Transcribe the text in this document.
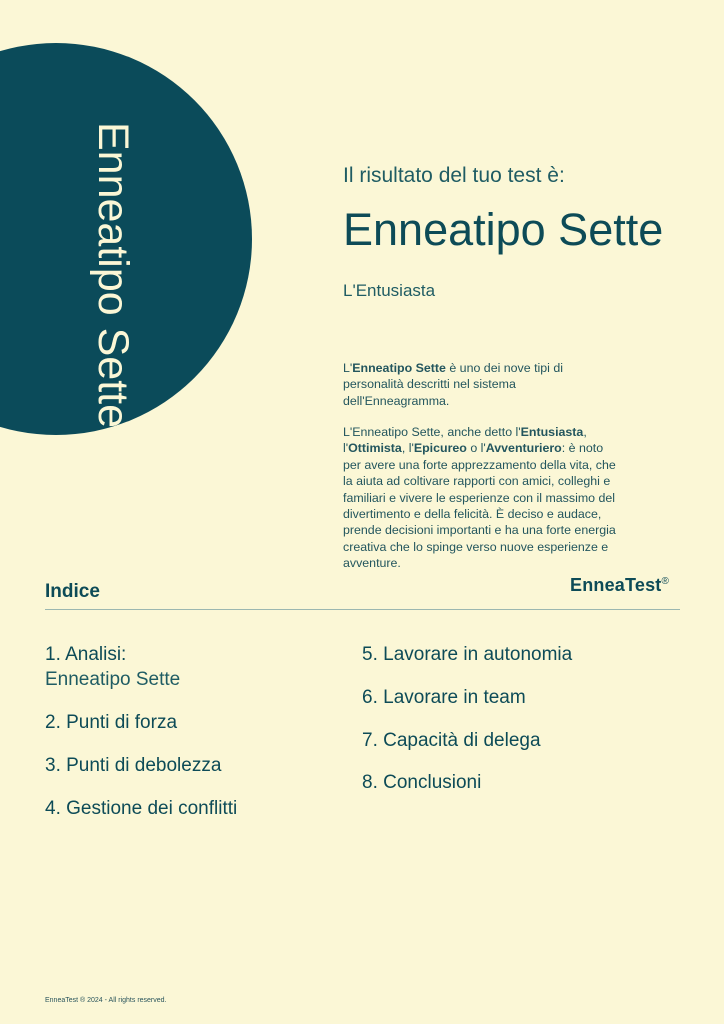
Enneatipo Sette	Il risultato del tuo test è:

Enneatipo Sette

L'Entusiasta

L'Enneatipo Sette è uno dei nove tipi di personalità descritti nel sistema dell'Enneagramma.

L'Enneatipo Sette, anche detto l'Entusiasta, l'Ottimista, l'Epicureo o l'Avventuriero: è noto per avere una forte apprezzamento della vita, che la aiuta ad coltivare rapporti con amici, colleghi e familiari e vivere le esperienze con il massimo del divertimento e della felicità. È deciso e audace, prende decisioni importanti e ha una forte energia creativa che lo spinge verso nuove esperienze e avventure.

Indice	EnneaTest®
1. Analisi:
Enneatipo Sette
2. Punti di forza
3. Punti di debolezza
4. Gestione dei conflitti
5. Lavorare in autonomia
6. Lavorare in team
7. Capacità di delega
8. Conclusioni
EnneaTest ® 2024 - All rights reserved.
